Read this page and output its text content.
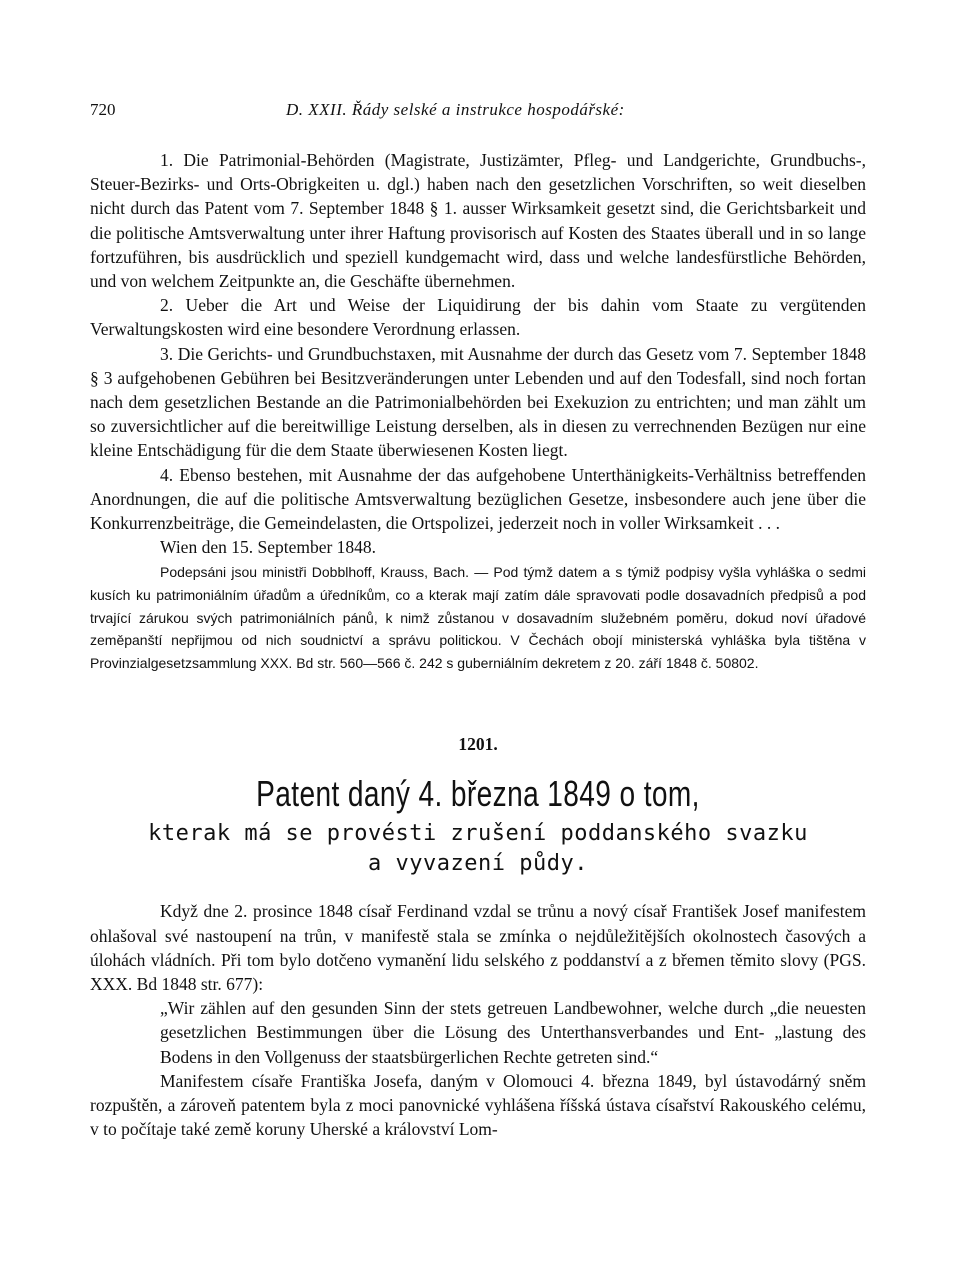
720	D. XXII. Řády selské a instrukce hospodářské:

1. Die Patrimonial-Behörden (Magistrate, Justizämter, Pfleg- und Landgerichte, Grundbuchs-, Steuer-Bezirks- und Orts-Obrigkeiten u. dgl.) haben nach den gesetzlichen Vorschriften, so weit dieselben nicht durch das Patent vom 7. September 1848 § 1. ausser Wirksamkeit gesetzt sind, die Gerichtsbarkeit und die politische Amtsverwaltung unter ihrer Haftung provisorisch auf Kosten des Staates überall und in so lange fortzuführen, bis ausdrücklich und speziell kundgemacht wird, dass und welche landesfürstliche Behörden, und von welchem Zeitpunkte an, die Geschäfte übernehmen.

2. Ueber die Art und Weise der Liquidirung der bis dahin vom Staate zu vergütenden Verwaltungskosten wird eine besondere Verordnung erlassen.

3. Die Gerichts- und Grundbuchstaxen, mit Ausnahme der durch das Gesetz vom 7. September 1848 § 3 aufgehobenen Gebühren bei Besitzveränderungen unter Lebenden und auf den Todesfall, sind noch fortan nach dem gesetzlichen Bestande an die Patrimonialbehörden bei Exekuzion zu entrichten; und man zählt um so zuversichtlicher auf die bereitwillige Leistung derselben, als in diesen zu verrechnenden Bezügen nur eine kleine Entschädigung für die dem Staate überwiesenen Kosten liegt.

4. Ebenso bestehen, mit Ausnahme der das aufgehobene Unterthänigkeits-Verhältniss betreffenden Anordnungen, die auf die politische Amtsverwaltung bezüglichen Gesetze, insbesondere auch jene über die Konkurrenzbeiträge, die Gemeindelasten, die Ortspolizei, jederzeit noch in voller Wirksamkeit . . .

Wien den 15. September 1848.

Podepsáni jsou ministři Dobblhoff, Krauss, Bach. — Pod týmž datem a s týmiž podpisy vyšla vyhláška o sedmi kusích ku patrimoniálním úřadům a úředníkům, co a kterak mají zatím dále spravovati podle dosavadních předpisů a pod trvající zárukou svých patrimoniálních pánů, k nimž zůstanou v dosavadním služebném poměru, dokud noví úřadové zeměpanští nepřijmou od nich soudnictví a správu politickou. V Čechách obojí ministerská vyhláška byla tištěna v Provinzialgesetzsammlung XXX. Bd str. 560—566 č. 242 s guberniálním dekretem z 20. září 1848 č. 50802.

1201.
Patent daný 4. března 1849 o tom,
kterak má se provésti zrušení poddanského svazku
a vyvazení půdy.

Když dne 2. prosince 1848 císař Ferdinand vzdal se trůnu a nový císař František Josef manifestem ohlašoval své nastoupení na trůn, v manifestě stala se zmínka o nejdůležitějších okolnostech časových a úlohách vládních. Při tom bylo dotčeno vymanění lidu selského z poddanství a z břemen těmito slovy (PGS. XXX. Bd 1848 str. 677):

„Wir zählen auf den gesunden Sinn der stets getreuen Landbewohner, welche durch „die neuesten gesetzlichen Bestimmungen über die Lösung des Unterthansverbandes und Ent- „lastung des Bodens in den Vollgenuss der staatsbürgerlichen Rechte getreten sind.“

Manifestem císaře Františka Josefa, daným v Olomouci 4. března 1849, byl ústavodárný sněm rozpuštěn, a zároveň patentem byla z moci panovnické vyhlášena říšská ústava císařství Rakouského celému, v to počítaje také země koruny Uherské a království Lom-
